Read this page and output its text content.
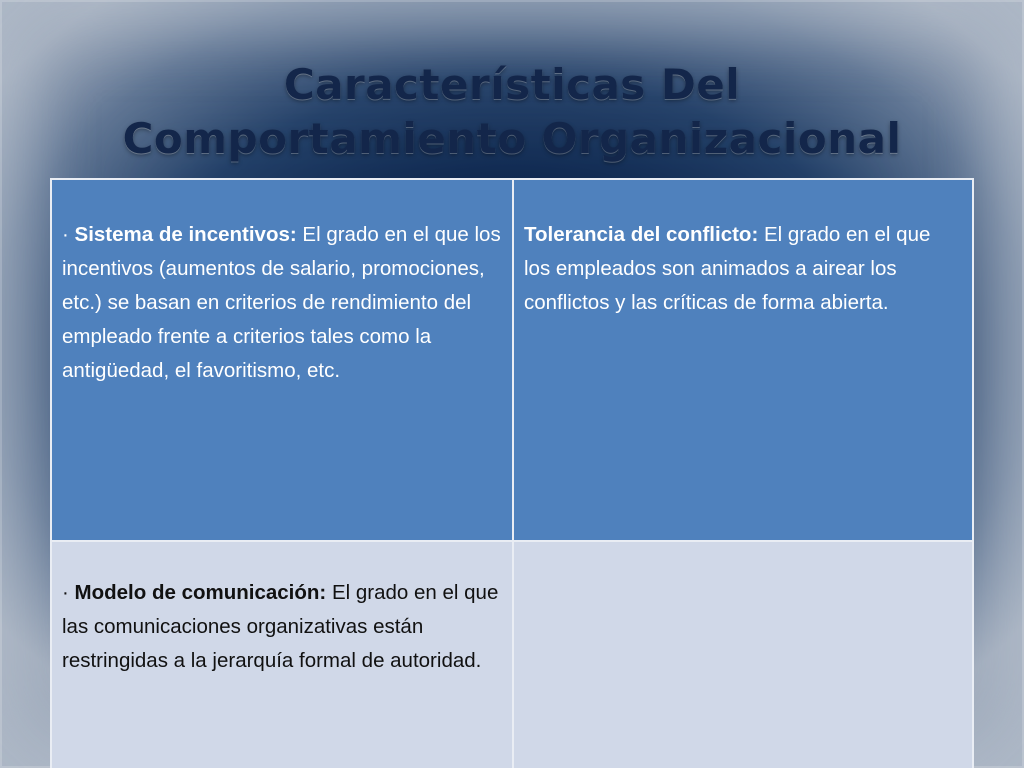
Características Del
Comportamiento Organizacional

· Sistema de incentivos: El grado en el que los incentivos (aumentos de salario, promociones, etc.) se basan en criterios de rendimiento del empleado frente a criterios tales como la antigüedad, el favoritismo, etc.	Tolerancia del conflicto: El grado en el que los empleados son animados a airear los conflictos y las críticas de forma abierta.

· Modelo de comunicación: El grado en el que las comunicaciones organizativas están restringidas a la jerarquía formal de autoridad.	
